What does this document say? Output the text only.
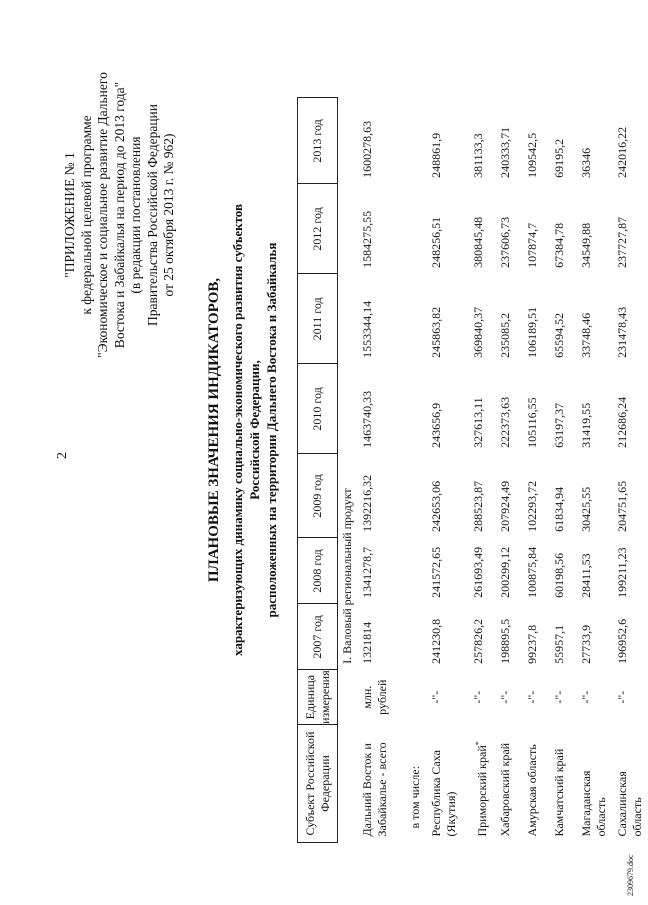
2
"ПРИЛОЖЕНИЕ № 1 к федеральной целевой программе "Экономическое и социальное развитие Дальнего Востока и Забайкалья на период до 2013 года" (в редакции постановления Правительства Российской Федерации от 25 октября 2013 г. № 962)
ПЛАНОВЫЕ ЗНАЧЕНИЯ ИНДИКАТОРОВ, характеризующих динамику социально-экономического развития субъектов Российской Федерации, расположенных на территории Дальнего Востока и Забайкалья
Субъект Российской Федерации	Единица измерения	2007 год	2008 год	2009 год	2010 год	2011 год	2012 год	2013 год
		I. Валовый региональный продукт						
Дальний Восток и Забайкалье - всего	млн. рублей	1321814	1341278,7	1392216,32	1463740,33	1553344,14	1584275,55	1600278,63
в том числе:								
Республика Саха (Якутия)	-"-	241230,8	241572,65	242653,06	243656,9	245863,82	248256,51	248861,9
Приморский край*	-"-	257826,2	261693,49	288523,87	327613,11	369840,37	380845,48	381133,3
Хабаровский край	-"-	198895,5	200299,12	207924,49	222373,63	235085,2	237606,73	240333,71
Амурская область	-"-	99237,8	100875,84	102293,72	105116,55	106189,51	107874,7	109542,5
Камчатский край	-"-	55957,1	60198,56	61834,94	63197,37	65594,52	67384,78	69195,2
Магаданская область	-"-	27733,9	28411,53	30425,55	31419,55	33748,46	34549,88	36346
Сахалинская область	-"-	196952,6	199211,23	204751,65	212686,24	231478,43	237727,87	242016,22
2309679.doc
